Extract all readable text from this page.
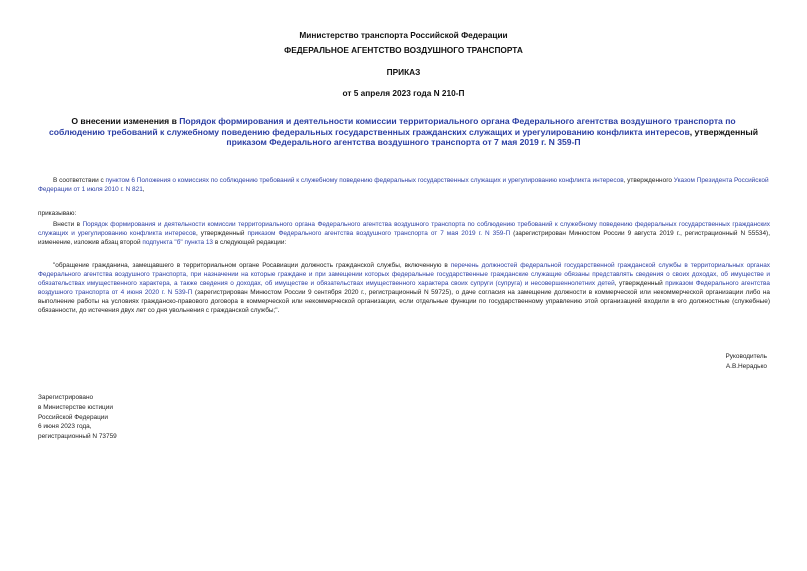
Министерство транспорта Российской Федерации
ФЕДЕРАЛЬНОЕ АГЕНТСТВО ВОЗДУШНОГО ТРАНСПОРТА
ПРИКАЗ
от 5 апреля 2023 года N 210-П
О внесении изменения в Порядок формирования и деятельности комиссии территориального органа Федерального агентства воздушного транспорта по соблюдению требований к служебному поведению федеральных государственных гражданских служащих и урегулированию конфликта интересов, утвержденный приказом Федерального агентства воздушного транспорта от 7 мая 2019 г. N 359-П
В соответствии с пунктом 6 Положения о комиссиях по соблюдению требований к служебному поведению федеральных государственных служащих и урегулированию конфликта интересов, утвержденного Указом Президента Российской Федерации от 1 июля 2010 г. N 821,
приказываю:
Внести в Порядок формирования и деятельности комиссии территориального органа Федерального агентства воздушного транспорта по соблюдению требований к служебному поведению федеральных государственных гражданских служащих и урегулированию конфликта интересов, утвержденный приказом Федерального агентства воздушного транспорта от 7 мая 2019 г. N 359-П (зарегистрирован Минюстом России 9 августа 2019 г., регистрационный N 55534), изменение, изложив абзац второй подпункта "б" пункта 13 в следующей редакции:
"обращение гражданина, замещавшего в территориальном органе Росавиации должность гражданской службы, включенную в перечень должностей федеральной государственной гражданской службы в территориальных органах Федерального агентства воздушного транспорта, при назначении на которые граждане и при замещении которых федеральные государственные гражданские служащие обязаны представлять сведения о своих доходах, об имуществе и обязательствах имущественного характера, а также сведения о доходах, об имуществе и обязательствах имущественного характера своих супруги (супруга) и несовершеннолетних детей, утвержденный приказом Федерального агентства воздушного транспорта от 4 июня 2020 г. N 539-П (зарегистрирован Минюстом России 9 сентября 2020 г., регистрационный N 59725), о даче согласия на замещение должности в коммерческой или некоммерческой организации либо на выполнение работы на условиях гражданско-правового договора в коммерческой или некоммерческой организации, если отдельные функции по государственному управлению этой организацией входили в его должностные (служебные) обязанности, до истечения двух лет со дня увольнения с гражданской службы;".
Руководитель
А.В.Нерадько
Зарегистрировано
в Министерстве юстиции
Российской Федерации
6 июня 2023 года,
регистрационный N 73759
